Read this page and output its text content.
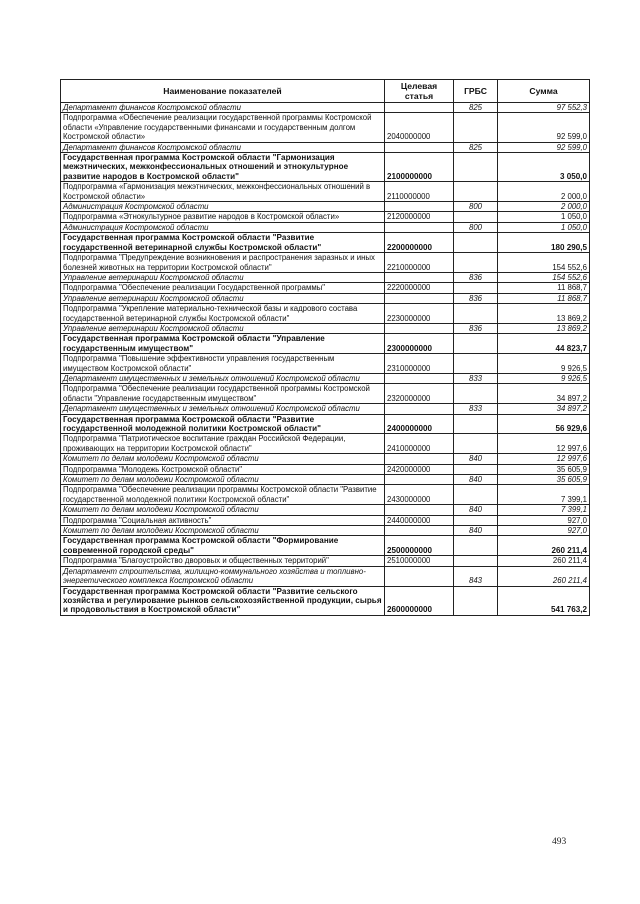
Наименование показателей	Целевая статья	ГРБС	Сумма
Департамент финансов Костромской области		825	97 552,3
Подпрограмма «Обеспечение реализации государственной программы Костромской области «Управление государственными финансами и государственным долгом Костромской области»	2040000000		92 599,0
Департамент финансов Костромской области		825	92 599,0
Государственная программа Костромской области "Гармонизация межэтнических, межконфессиональных отношений и этнокультурное развитие народов в Костромской области"	2100000000		3 050,0
Подпрограмма «Гармонизация межэтнических, межконфессиональных отношений в Костромской области»	2110000000		2 000,0
Администрация Костромской области		800	2 000,0
Подпрограмма «Этнокультурное развитие народов в Костромской области»	2120000000		1 050,0
Администрация Костромской области		800	1 050,0
Государственная программа Костромской области "Развитие государственной ветеринарной службы Костромской области"	2200000000		180 290,5
Подпрограмма "Предупреждение возникновения и распространения заразных и иных болезней животных на территории Костромской области"	2210000000		154 552,6
Управление ветеринарии Костромской области		836	154 552,6
Подпрограмма "Обеспечение реализации Государственной программы"	2220000000		11 868,7
Управление ветеринарии Костромской области		836	11 868,7
Подпрограмма "Укрепление материально-технической базы и кадрового состава государственной ветеринарной службы Костромской области"	2230000000		13 869,2
Управление ветеринарии Костромской области		836	13 869,2
Государственная программа Костромской области "Управление государственным имуществом"	2300000000		44 823,7
Подпрограмма "Повышение эффективности управления государственным имуществом Костромской области"	2310000000		9 926,5
Департамент имущественных и земельных отношений Костромской области		833	9 926,5
Подпрограмма "Обеспечение реализации государственной программы Костромской области "Управление государственным имуществом"	2320000000		34 897,2
Департамент имущественных и земельных отношений Костромской области		833	34 897,2
Государственная программа Костромской области "Развитие государственной молодежной политики Костромской области"	2400000000		56 929,6
Подпрограмма "Патриотическое воспитание граждан Российской Федерации, проживающих на территории Костромской области"	2410000000		12 997,6
Комитет по делам молодежи Костромской области		840	12 997,6
Подпрограмма "Молодежь Костромской области"	2420000000		35 605,9
Комитет по делам молодежи Костромской области		840	35 605,9
Подпрограмма "Обеспечение реализации программы Костромской области "Развитие государственной молодежной политики Костромской области"	2430000000		7 399,1
Комитет по делам молодежи Костромской области		840	7 399,1
Подпрограмма "Социальная активность"	2440000000		927,0
Комитет по делам молодежи Костромской области		840	927,0
Государственная программа Костромской области "Формирование современной городской среды"	2500000000		260 211,4
Подпрограмма "Благоустройство дворовых и общественных территорий"	2510000000		260 211,4
Департамент строительства, жилищно-коммунального хозяйства и топливно-энергетического комплекса Костромской области		843	260 211,4
Государственная программа Костромской области "Развитие сельского хозяйства и регулирование рынков сельскохозяйственной продукции, сырья и продовольствия в Костромской области"	2600000000		541 763,2
493
